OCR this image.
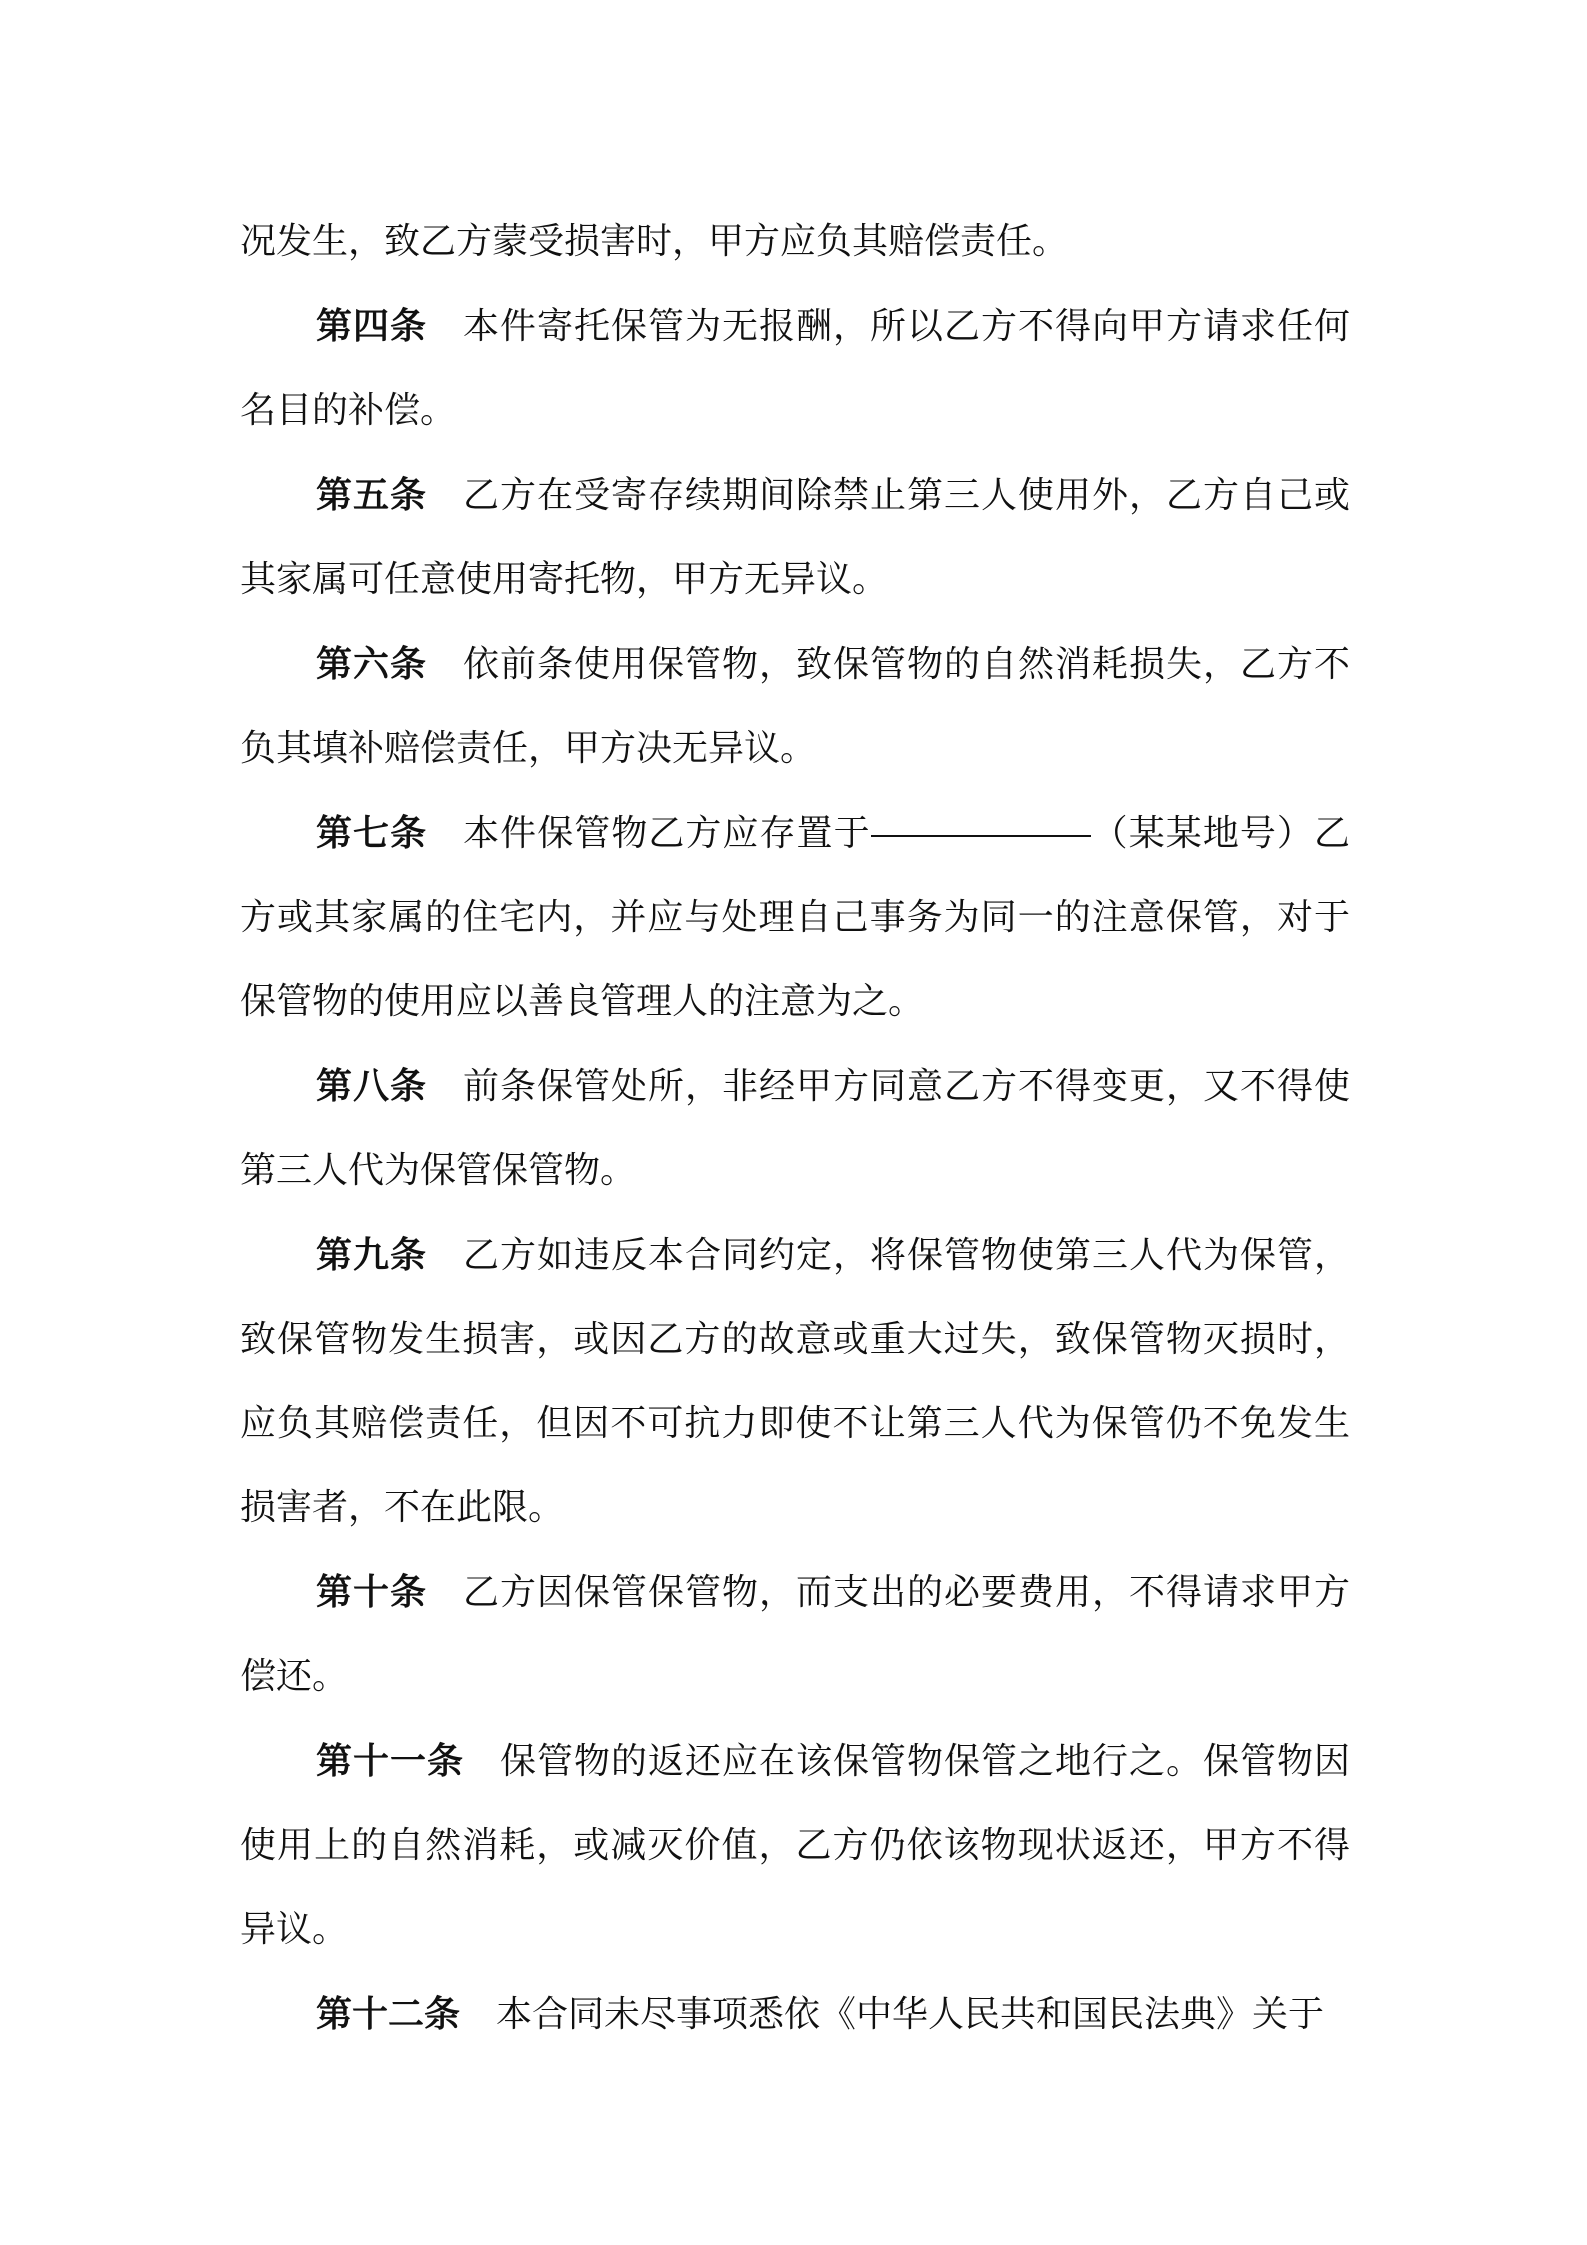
况发生，致乙方蒙受损害时，甲方应负其赔偿责任。

第四条 本件寄托保管为无报酬，所以乙方不得向甲方请求任何名目的补偿。

第五条 乙方在受寄存续期间除禁止第三人使用外，乙方自己或其家属可任意使用寄托物，甲方无异议。

第六条 依前条使用保管物，致保管物的自然消耗损失，乙方不负其填补赔偿责任，甲方决无异议。

第七条 本件保管物乙方应存置于	（某某地号）乙方或其家属的住宅内，并应与处理自己事务为同一的注意保管，对于保管物的使用应以善良管理人的注意为之。

第八条 前条保管处所，非经甲方同意乙方不得变更，又不得使第三人代为保管保管物。

第九条 乙方如违反本合同约定，将保管物使第三人代为保管，致保管物发生损害，或因乙方的故意或重大过失，致保管物灭损时，应负其赔偿责任，但因不可抗力即使不让第三人代为保管仍不免发生损害者，不在此限。

第十条 乙方因保管保管物，而支出的必要费用，不得请求甲方偿还。

第十一条 保管物的返还应在该保管物保管之地行之。保管物因使用上的自然消耗，或减灭价值，乙方仍依该物现状返还，甲方不得异议。

第十二条 本合同未尽事项悉依《中华人民共和国民法典》关于
